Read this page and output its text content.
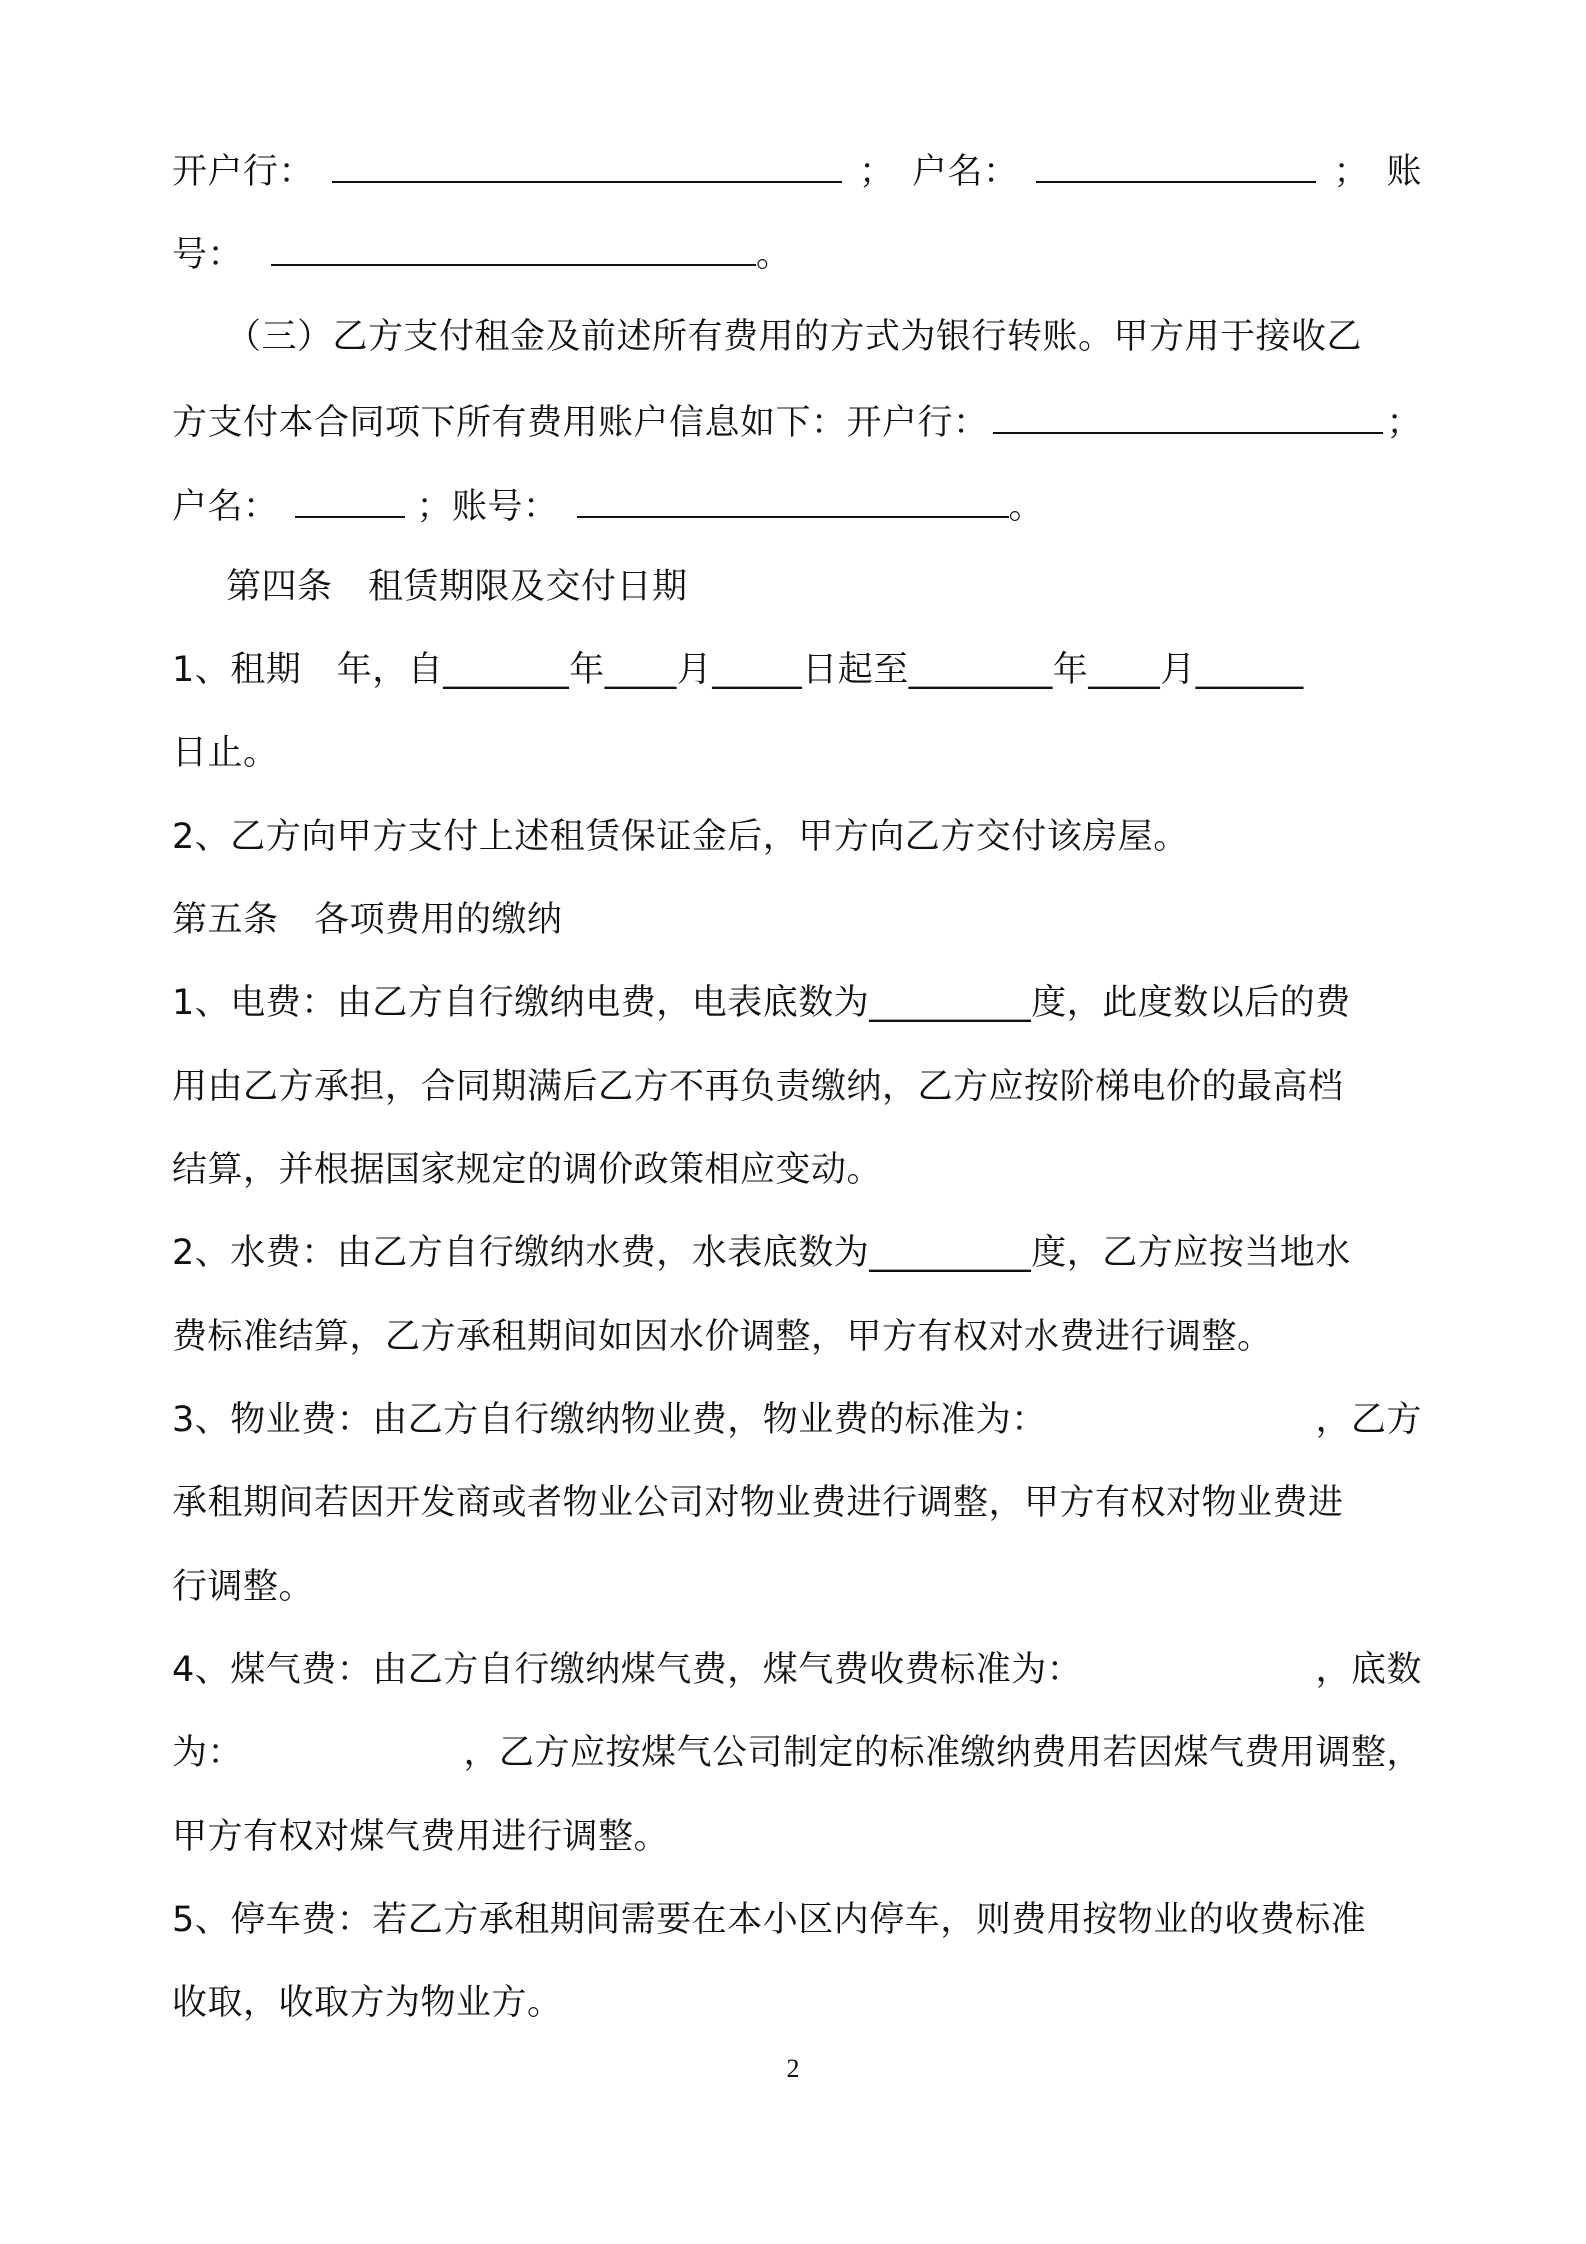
开户行：	； 户名：	； 账
号：	。
（三）乙方支付租金及前述所有费用的方式为银行转账。甲方用于接收乙
方支付本合同项下所有费用账户信息如下：开户行：	；
户名：	；账号：	。
第四条　租赁期限及交付日期
1、租期　年，自_______年____月_____日起至________年____月______
日止。
2、乙方向甲方支付上述租赁保证金后，甲方向乙方交付该房屋。
第五条　各项费用的缴纳
1、电费：由乙方自行缴纳电费，电表底数为_________度，此度数以后的费
用由乙方承担，合同期满后乙方不再负责缴纳，乙方应按阶梯电价的最高档
结算，并根据国家规定的调价政策相应变动。
2、水费：由乙方自行缴纳水费，水表底数为_________度，乙方应按当地水
费标准结算，乙方承租期间如因水价调整，甲方有权对水费进行调整。
3、物业费：由乙方自行缴纳物业费，物业费的标准为：	，乙方
承租期间若因开发商或者物业公司对物业费进行调整，甲方有权对物业费进
行调整。
4、煤气费：由乙方自行缴纳煤气费，煤气费收费标准为：	，底数
为：	，乙方应按煤气公司制定的标准缴纳费用若因煤气费用调整，
甲方有权对煤气费用进行调整。
5、停车费：若乙方承租期间需要在本小区内停车，则费用按物业的收费标准
收取，收取方为物业方。
2
